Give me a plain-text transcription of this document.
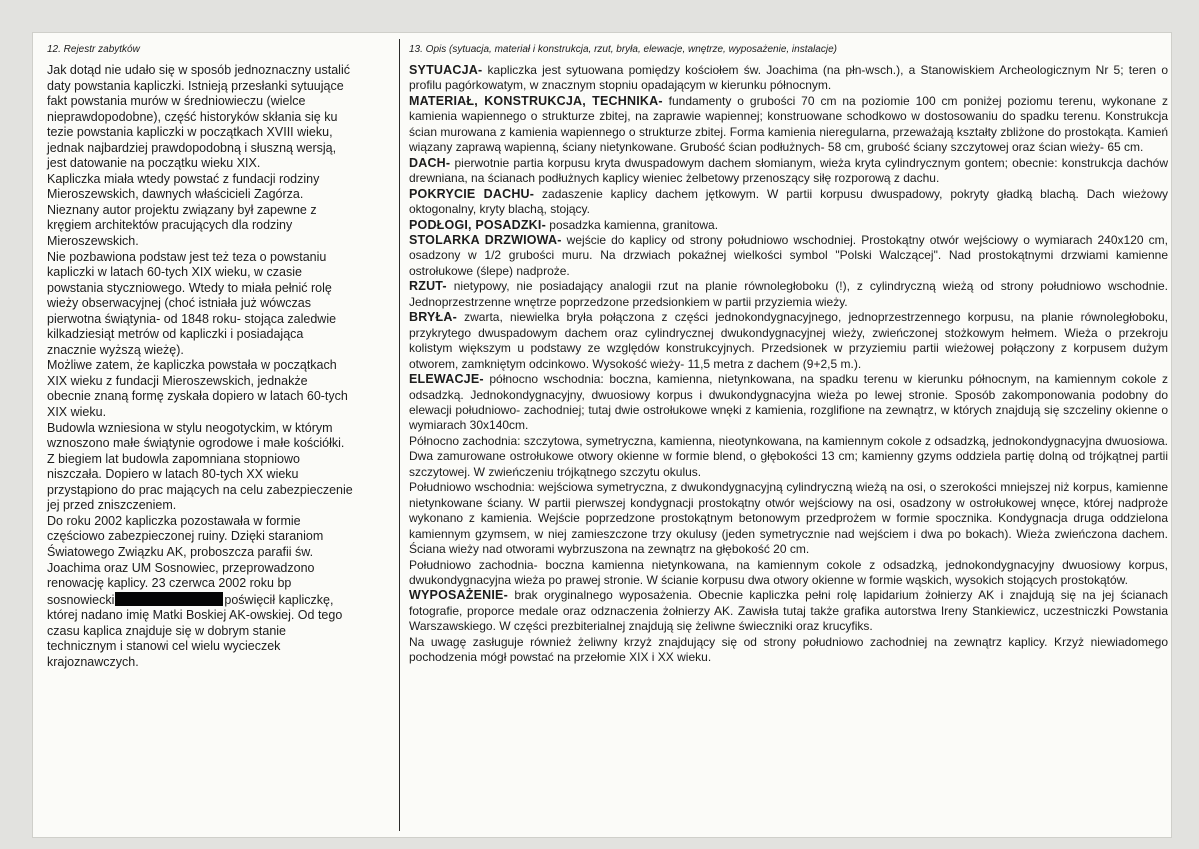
12. Rejestr zabytków

Jak dotąd nie udało się w sposób jednoznaczny ustalić

daty powstania kapliczki. Istnieją przesłanki sytuujące

fakt powstania murów w średniowieczu (wielce

nieprawdopodobne), część historyków skłania się ku

tezie powstania kapliczki w początkach XVIII wieku,

jednak najbardziej prawdopodobną i słuszną wersją,

jest datowanie na początku wieku XIX.

Kapliczka miała wtedy powstać z fundacji rodziny

Mieroszewskich, dawnych właścicieli Zagórza.

Nieznany autor projektu związany był zapewne z

kręgiem architektów pracujących dla rodziny

Mieroszewskich.

Nie pozbawiona podstaw jest też teza o powstaniu

kapliczki w latach 60-tych XIX wieku, w czasie

powstania styczniowego. Wtedy to miała pełnić rolę

wieży obserwacyjnej (choć istniała już wówczas

pierwotna świątynia- od 1848 roku- stojąca zaledwie

kilkadziesiąt metrów od kapliczki i posiadająca

znacznie wyższą wieżę).

Możliwe zatem, że kapliczka powstała w początkach

XIX wieku z fundacji Mieroszewskich, jednakże

obecnie znaną formę zyskała dopiero w latach 60-tych

XIX wieku.

Budowla wzniesiona w stylu neogotyckim, w którym

wznoszono małe świątynie ogrodowe i małe kościółki.

Z biegiem lat budowla zapomniana stopniowo

niszczała. Dopiero w latach 80-tych XX wieku

przystąpiono do prac mających na celu zabezpieczenie

jej przed zniszczeniem.

Do roku 2002 kapliczka pozostawała w formie

częściowo zabezpieczonej ruiny. Dzięki staraniom

Światowego Związku AK, proboszcza parafii św.

Joachima oraz UM Sosnowiec, przeprowadzono

renowację kaplicy. 23 czerwca 2002 roku bp

sosnowiecki	poświęcił kapliczkę,

której nadano imię Matki Boskiej AK-owskiej. Od tego

czasu kaplica znajduje się w dobrym stanie

technicznym i stanowi cel wielu wycieczek

krajoznawczych.

13. Opis (sytuacja, materiał i konstrukcja, rzut, bryła, elewacje, wnętrze, wyposażenie, instalacje)

SYTUACJA- kapliczka jest sytuowana pomiędzy kościołem św. Joachima (na płn-wsch.), a Stanowiskiem Archeologicznym Nr 5; teren o profilu pagórkowatym, w znacznym stopniu opadającym w kierunku północnym.

MATERIAŁ, KONSTRUKCJA, TECHNIKA- fundamenty o grubości 70 cm na poziomie 100 cm poniżej poziomu terenu, wykonane z kamienia wapiennego o strukturze zbitej, na zaprawie wapiennej; konstruowane schodkowo w dostosowaniu do spadku terenu. Konstrukcja ścian murowana z kamienia wapiennego o strukturze zbitej. Forma kamienia nieregularna, przeważają kształty zbliżone do prostokąta. Kamień wiązany zaprawą wapienną, ściany nietynkowane. Grubość ścian podłużnych- 58 cm, grubość ściany szczytowej oraz ścian wieży- 65 cm.

DACH- pierwotnie partia korpusu kryta dwuspadowym dachem słomianym, wieża kryta cylindrycznym gontem; obecnie: konstrukcja dachów drewniana, na ścianach podłużnych kaplicy wieniec żelbetowy przenoszący siłę rozporową z dachu.

POKRYCIE DACHU- zadaszenie kaplicy dachem jętkowym. W partii korpusu dwuspadowy, pokryty gładką blachą. Dach wieżowy oktogonalny, kryty blachą, stojący.

PODŁOGI, POSADZKI- posadzka kamienna, granitowa.

STOLARKA DRZWIOWA- wejście do kaplicy od strony południowo wschodniej. Prostokątny otwór wejściowy o wymiarach 240x120 cm, osadzony w 1/2 grubości muru. Na drzwiach pokaźnej wielkości symbol "Polski Walczącej". Nad prostokątnymi drzwiami kamienne ostrołukowe (ślepe) nadproże.

RZUT- nietypowy, nie posiadający analogii rzut na planie równoległoboku (!), z cylindryczną wieżą od strony południowo wschodnie. Jednoprzestrzenne wnętrze poprzedzone przedsionkiem w partii przyziemia wieży.

BRYŁA- zwarta, niewielka bryła połączona z części jednokondygnacyjnego, jednoprzestrzennego korpusu, na planie równoległoboku, przykrytego dwuspadowym dachem oraz cylindrycznej dwukondygnacyjnej wieży, zwieńczonej stożkowym hełmem. Wieża o przekroju kolistym większym u podstawy ze względów konstrukcyjnych. Przedsionek w przyziemiu partii wieżowej połączony z korpusem dużym otworem, zamkniętym odcinkowo. Wysokość wieży- 11,5 metra z dachem (9+2,5 m.).

ELEWACJE- północno wschodnia: boczna, kamienna, nietynkowana, na spadku terenu w kierunku północnym, na kamiennym cokole z odsadzką. Jednokondygnacyjny, dwuosiowy korpus i dwukondygnacyjna wieża po lewej stronie. Sposób zakomponowania podobny do elewacji południowo- zachodniej; tutaj dwie ostrołukowe wnęki z kamienia, rozglifione na zewnątrz, w których znajdują się szczeliny okienne o wymiarach 30x140cm.

Północno zachodnia: szczytowa, symetryczna, kamienna, nieotynkowana, na kamiennym cokole z odsadzką, jednokondygnacyjna dwuosiowa. Dwa zamurowane ostrołukowe otwory okienne w formie blend, o głębokości 13 cm; kamienny gzyms oddziela partię dolną od trójkątnej partii szczytowej. W zwieńczeniu trójkątnego szczytu okulus.

Południowo wschodnia: wejściowa symetryczna, z dwukondygnacyjną cylindryczną wieżą na osi, o szerokości mniejszej niż korpus, kamienne nietynkowane ściany. W partii pierwszej kondygnacji prostokątny otwór wejściowy na osi, osadzony w ostrołukowej wnęce, której nadproże wykonano z kamienia. Wejście poprzedzone prostokątnym betonowym przedprożem w formie spocznika. Kondygnacja druga oddzielona kamiennym gzymsem, w niej zamieszczone trzy okulusy (jeden symetrycznie nad wejściem i dwa po bokach). Wieża zwieńczona dachem. Ściana wieży nad otworami wybrzuszona na zewnątrz na głębokość 20 cm.

Południowo zachodnia- boczna kamienna nietynkowana, na kamiennym cokole z odsadzką, jednokondygnacyjny dwuosiowy korpus, dwukondygnacyjna wieża po prawej stronie. W ścianie korpusu dwa otwory okienne w formie wąskich, wysokich stojących prostokątów.

WYPOSAŻENIE- brak oryginalnego wyposażenia. Obecnie kapliczka pełni rolę lapidarium żołnierzy AK i znajdują się na jej ścianach fotografie, proporce medale oraz odznaczenia żołnierzy AK. Zawisła tutaj także grafika autorstwa Ireny Stankiewicz, uczestniczki Powstania Warszawskiego. W części prezbiterialnej znajdują się żeliwne świeczniki oraz krucyfiks.

Na uwagę zasługuje również żeliwny krzyż znajdujący się od strony południowo zachodniej na zewnątrz kaplicy. Krzyż niewiadomego pochodzenia mógł powstać na przełomie XIX i XX wieku.
